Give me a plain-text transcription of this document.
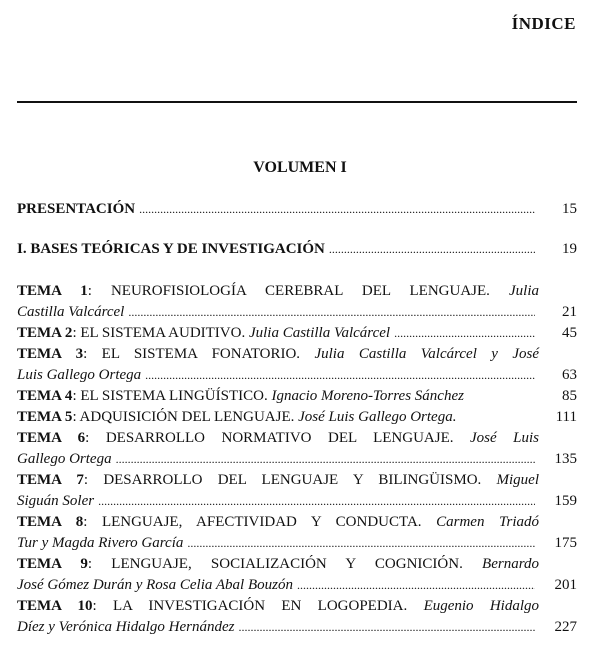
ÍNDICE
VOLUMEN I
PRESENTACIÓN .....	15
I. BASES TEÓRICAS Y DE INVESTIGACIÓN .....	19
TEMA 1: NEUROFISIOLOGÍA CEREBRAL DEL LENGUAJE. Julia
Castilla Valcárcel .....	21
TEMA 2: EL SISTEMA AUDITIVO. Julia Castilla Valcárcel .....	45
TEMA 3: EL SISTEMA FONATORIO. Julia Castilla Valcárcel y José
Luis Gallego Ortega .....	63
TEMA 4: EL SISTEMA LINGÜÍSTICO. Ignacio Moreno-Torres Sánchez	85
TEMA 5: ADQUISICIÓN DEL LENGUAJE. José Luis Gallego Ortega.	111
TEMA 6: DESARROLLO NORMATIVO DEL LENGUAJE. José Luis
Gallego Ortega .....	135
TEMA 7: DESARROLLO DEL LENGUAJE Y BILINGÜISMO. Miguel
Siguán Soler .....	159
TEMA 8: LENGUAJE, AFECTIVIDAD Y CONDUCTA. Carmen Triadó
Tur y Magda Rivero García .....	175
TEMA 9: LENGUAJE, SOCIALIZACIÓN Y COGNICIÓN. Bernardo
José Gómez Durán y Rosa Celia Abal Bouzón .....	201
TEMA 10: LA INVESTIGACIÓN EN LOGOPEDIA. Eugenio Hidalgo
Díez y Verónica Hidalgo Hernández .....	227
